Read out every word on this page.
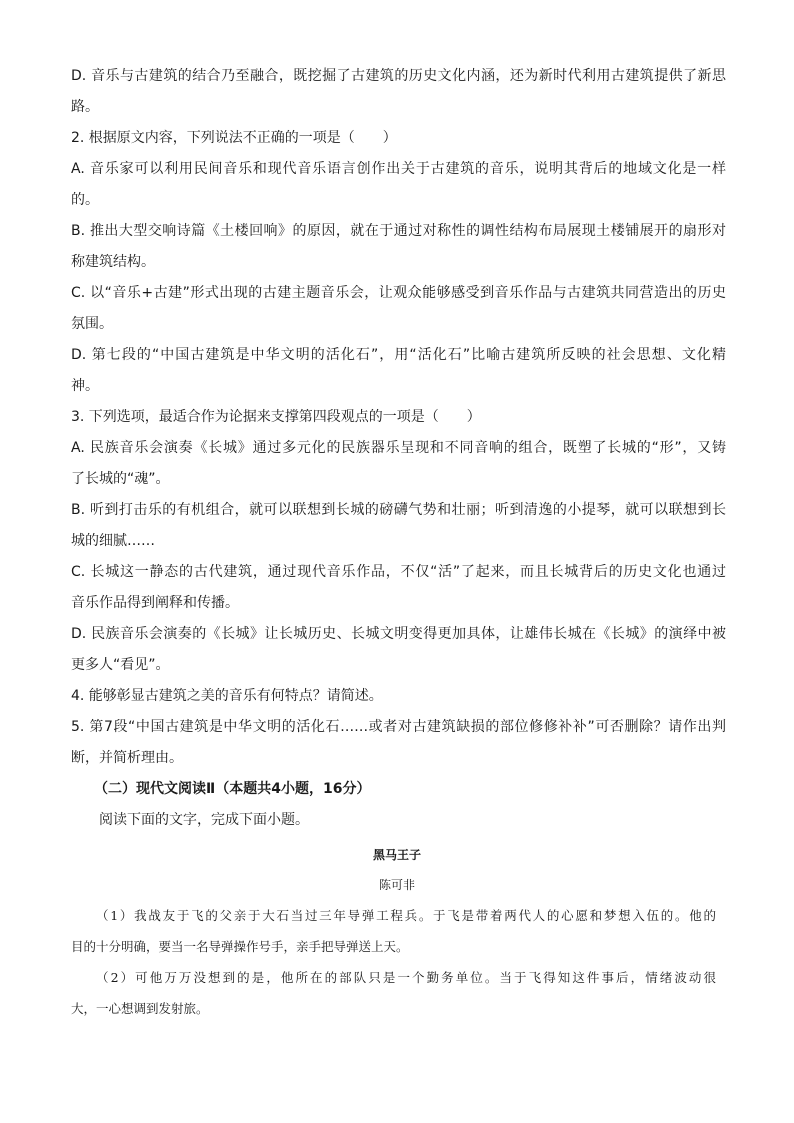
D. 音乐与古建筑的结合乃至融合，既挖掘了古建筑的历史文化内涵，还为新时代利用古建筑提供了新思
路。
2. 根据原文内容，下列说法不正确的一项是（　　）
A. 音乐家可以利用民间音乐和现代音乐语言创作出关于古建筑的音乐，说明其背后的地域文化是一样
的。
B. 推出大型交响诗篇《土楼回响》的原因，就在于通过对称性的调性结构布局展现土楼铺展开的扇形对
称建筑结构。
C. 以“音乐+古建”形式出现的古建主题音乐会，让观众能够感受到音乐作品与古建筑共同营造出的历史
氛围。
D. 第七段的“中国古建筑是中华文明的活化石”，用“活化石”比喻古建筑所反映的社会思想、文化精
神。
3. 下列选项，最适合作为论据来支撑第四段观点的一项是（　　）
A. 民族音乐会演奏《长城》通过多元化的民族器乐呈现和不同音响的组合，既塑了长城的“形”，又铸
了长城的“魂”。
B. 听到打击乐的有机组合，就可以联想到长城的磅礴气势和壮丽；听到清逸的小提琴，就可以联想到长
城的细腻……
C. 长城这一静态的古代建筑，通过现代音乐作品，不仅“活”了起来，而且长城背后的历史文化也通过
音乐作品得到阐释和传播。
D. 民族音乐会演奏的《长城》让长城历史、长城文明变得更加具体，让雄伟长城在《长城》的演绎中被
更多人“看见”。
4. 能够彰显古建筑之美的音乐有何特点？请简述。
5. 第7段“中国古建筑是中华文明的活化石……或者对古建筑缺损的部位修修补补”可否删除？请作出判
断，并简析理由。
（二）现代文阅读Ⅱ（本题共4小题，16分）
阅读下面的文字，完成下面小题。
黑马王子
陈可非
（1）我战友于飞的父亲于大石当过三年导弹工程兵。于飞是带着两代人的心愿和梦想入伍的。他的
目的十分明确，要当一名导弹操作号手，亲手把导弹送上天。
（2）可他万万没想到的是，他所在的部队只是一个勤务单位。当于飞得知这件事后，情绪波动很
大，一心想调到发射旅。
